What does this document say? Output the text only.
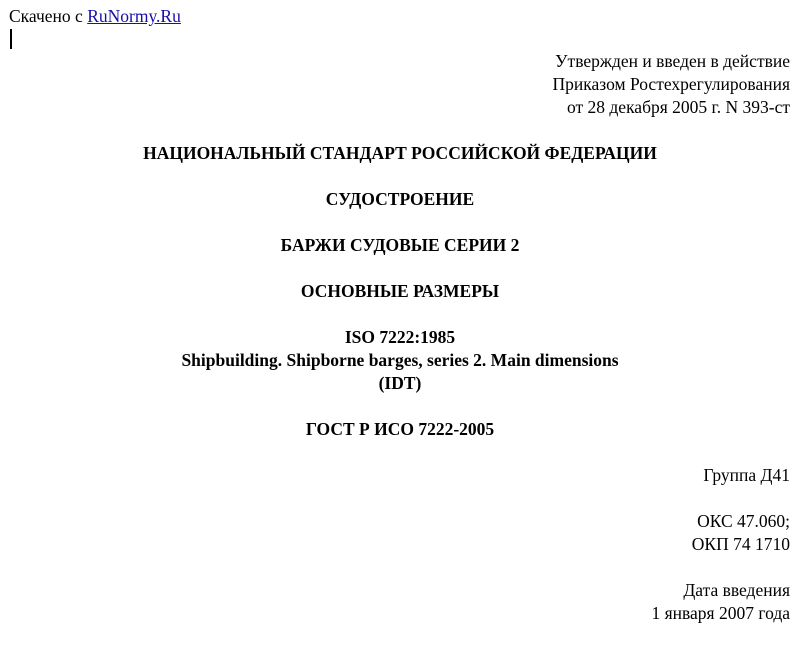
Скачено с RuNormy.Ru
Утвержден и введен в действие
Приказом Ростехрегулирования
от 28 декабря 2005 г. N 393-ст
НАЦИОНАЛЬНЫЙ СТАНДАРТ РОССИЙСКОЙ ФЕДЕРАЦИИ
СУДОСТРОЕНИЕ
БАРЖИ СУДОВЫЕ СЕРИИ 2
ОСНОВНЫЕ РАЗМЕРЫ
ISO 7222:1985
Shipbuilding. Shipborne barges, series 2. Main dimensions
(IDT)
ГОСТ Р ИСО 7222-2005
Группа Д41
ОКС 47.060;
ОКП 74 1710
Дата введения
1 января 2007 года
